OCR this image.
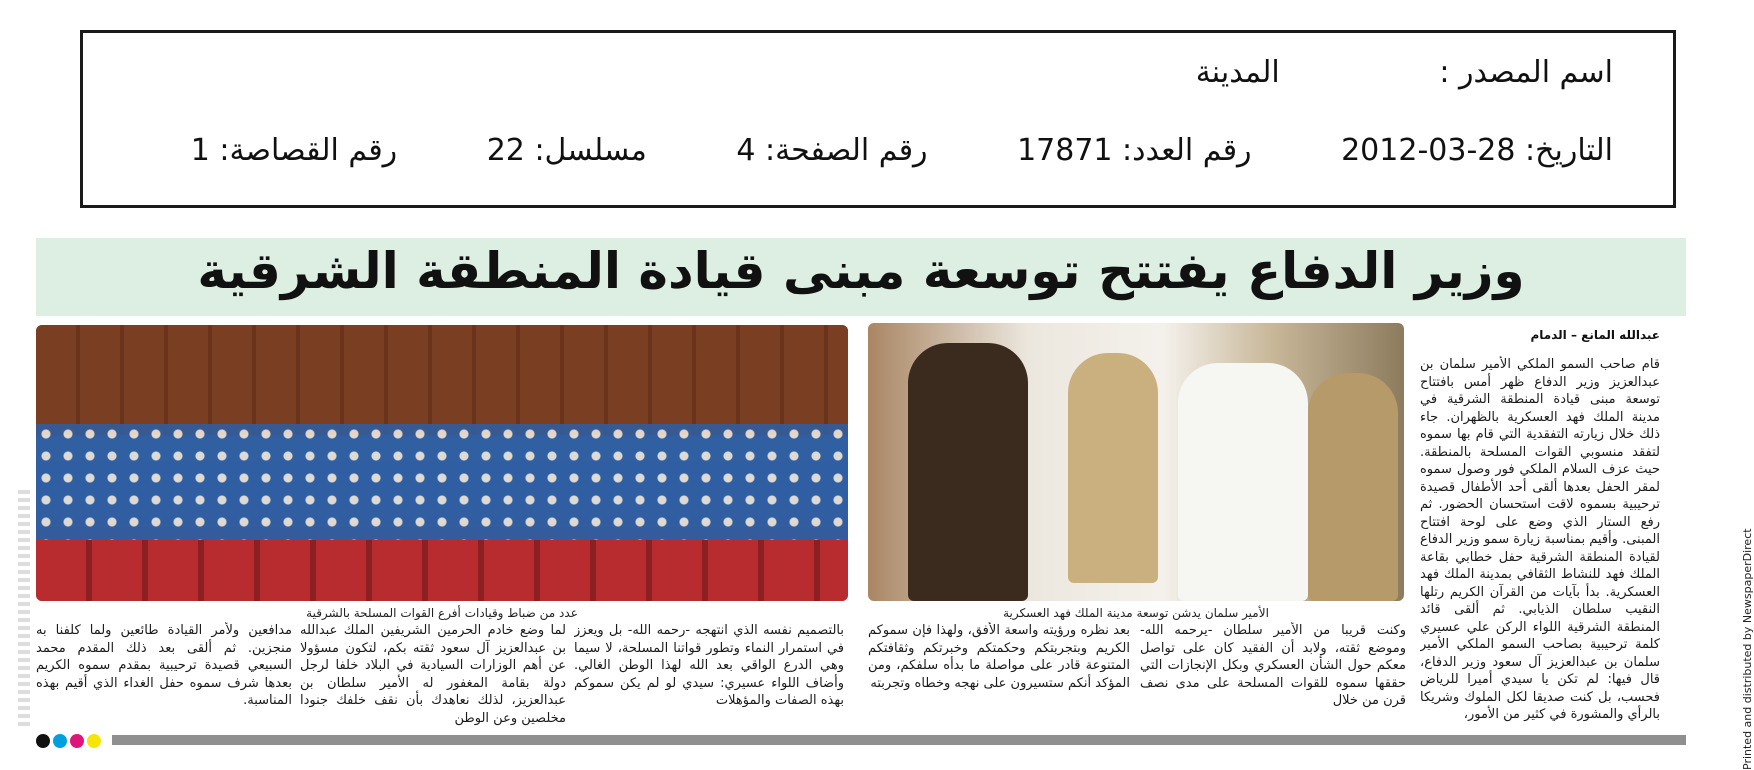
اسم المصدر : المدينة
التاريخ: 28-03-2012 رقم العدد: 17871 رقم الصفحة: 4 مسلسل: 22 رقم القصاصة: 1
وزير الدفاع يفتتح توسعة مبنى قيادة المنطقة الشرقية
الأمير سلمان يدشن توسعة مدينة الملك فهد العسكرية
عدد من ضباط وقيادات أفرع القوات المسلحة بالشرقية
عبدالله المانع – الدمام

قام صاحب السمو الملكي الأمير سلمان بن عبدالعزيز وزير الدفاع ظهر أمس بافتتاح توسعة مبنى قيادة المنطقة الشرقية في مدينة الملك فهد العسكرية بالظهران. جاء ذلك خلال زيارته التفقدية التي قام بها سموه لتفقد منسوبي القوات المسلحة بالمنطقة. حيث عزف السلام الملكي فور وصول سموه لمقر الحفل بعدها ألقى أحد الأطفال قصيدة ترحيبية بسموه لاقت استحسان الحضور. ثم رفع الستار الذي وضع على لوحة افتتاح المبنى. وأقيم بمناسبة زيارة سمو وزير الدفاع لقيادة المنطقة الشرقية حفل خطابي بقاعة الملك فهد للنشاط الثقافي بمدينة الملك فهد العسكرية. بدأ بآيات من القرآن الكريم رتلها النقيب سلطان الذيابي. ثم ألقى قائد المنطقة الشرقية اللواء الركن علي عسيري كلمة ترحيبية بصاحب السمو الملكي الأمير سلمان بن عبدالعزيز آل سعود وزير الدفاع، قال فيها: لم تكن يا سيدي أميرا للرياض فحسب، بل كنت صديقا لكل الملوك وشريكا بالرأي والمشورة في كثير من الأمور،

وكنت قريبا من الأمير سلطان -يرحمه الله- وموضع ثقته، ولابد أن الفقيد كان على تواصل معكم حول الشأن العسكري وبكل الإنجازات التي حققها سموه للقوات المسلحة على مدى نصف قرن من خلال

بعد نظره ورؤيته واسعة الأفق، ولهذا فإن سموكم الكريم وبتجربتكم وحكمتكم وخبرتكم وثقافتكم المتنوعة قادر على مواصلة ما بدأه سلفكم، ومن المؤكد أنكم ستسيرون على نهجه وخطاه وتجربته

بالتصميم نفسه الذي انتهجه -رحمه الله- بل ويعزز في استمرار النماء وتطور قواتنا المسلحة، لا سيما وهي الدرع الواقي بعد الله لهذا الوطن الغالي. وأضاف اللواء عسيري: سيدي لو لم يكن سموكم بهذه الصفات والمؤهلات

لما وضع خادم الحرمين الشريفين الملك عبدالله بن عبدالعزيز آل سعود ثقته بكم، لتكون مسؤولا عن أهم الوزارات السيادية في البلاد خلفا لرجل دولة بقامة المغفور له الأمير سلطان بن عبدالعزيز، لذلك نعاهدك بأن نقف خلفك جنودا مخلصين وعن الوطن

مدافعين ولأمر القيادة طائعين ولما كلفنا به منجزين. ثم ألقى بعد ذلك المقدم محمد السبيعي قصيدة ترحيبية بمقدم سموه الكريم بعدها شرف سموه حفل الغداء الذي أقيم بهذه المناسبة.	Printed and distributed by NewspaperDirect
